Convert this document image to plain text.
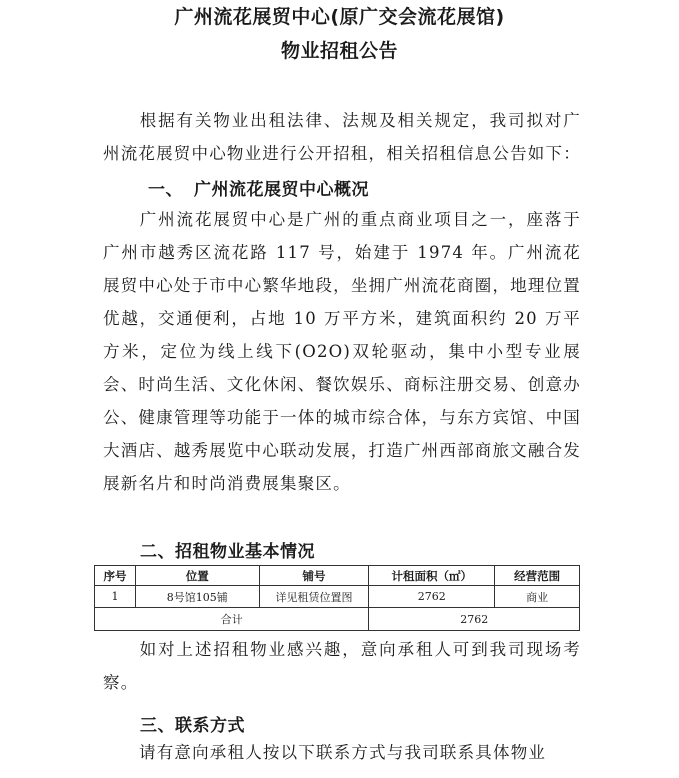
广州流花展贸中心(原广交会流花展馆)
物业招租公告

根据有关物业出租法律、法规及相关规定，我司拟对广州流花展贸中心物业进行公开招租，相关招租信息公告如下：

一、 广州流花展贸中心概况

广州流花展贸中心是广州的重点商业项目之一，座落于广州市越秀区流花路 117 号，始建于 1974 年。广州流花展贸中心处于市中心繁华地段，坐拥广州流花商圈，地理位置优越，交通便利，占地 10 万平方米，建筑面积约 20 万平方米，定位为线上线下(O2O)双轮驱动，集中小型专业展会、时尚生活、文化休闲、餐饮娱乐、商标注册交易、创意办公、健康管理等功能于一体的城市综合体，与东方宾馆、中国大酒店、越秀展览中心联动发展，打造广州西部商旅文融合发展新名片和时尚消费展集聚区。

二、招租物业基本情况
序号	位置	铺号	计租面积（㎡）	经营范围
1	8号馆105铺	详见租赁位置图	2762	商业
合计			2762	

如对上述招租物业感兴趣，意向承租人可到我司现场考察。

三、联系方式

请有意向承租人按以下联系方式与我司联系具体物业
